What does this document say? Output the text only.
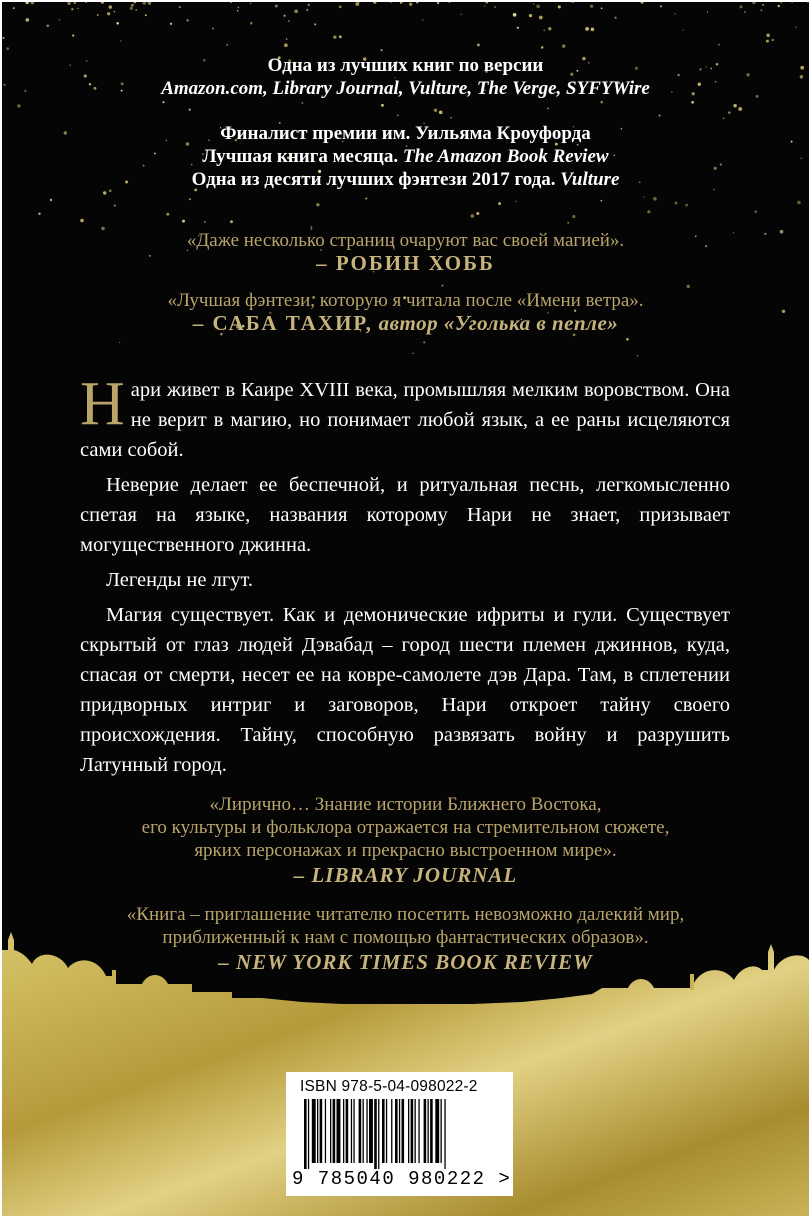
Одна из лучших книг по версии

Amazon.com, Library Journal, Vulture, The Verge, SYFYWire

Финалист премии им. Уильяма Кроуфорда

Лучшая книга месяца. The Amazon Book Review

Одна из десяти лучших фэнтези 2017 года. Vulture

«Даже несколько страниц очаруют вас своей магией».

– РОБИН ХОББ

«Лучшая фэнтези, которую я читала после «Имени ветра».

– САБА ТАХИР, автор «Уголька в пепле»

Нари живет в Каире XVIII века, промышляя мелким воровством. Она не верит в магию, но понимает любой язык, а ее раны исцеляются сами собой.

Неверие делает ее беспечной, и ритуальная песнь, легкомысленно спетая на языке, названия которому Нари не знает, призывает могущественного джинна.

Легенды не лгут.

Магия существует. Как и демонические ифриты и гули. Существует скрытый от глаз людей Дэвабад – город шести племен джиннов, куда, спасая от смерти, несет ее на ковре-самолете дэв Дара. Там, в сплетении придворных интриг и заговоров, Нари откроет тайну своего происхождения. Тайну, способную развязать войну и разрушить Латунный город.

«Лирично… Знание истории Ближнего Востока,

его культуры и фольклора отражается на стремительном сюжете,

ярких персонажах и прекрасно выстроенном мире».

– LIBRARY JOURNAL

«Книга – приглашение читателю посетить невозможно далекий мир,

приближенный к нам с помощью фантастических образов».

– NEW YORK TIMES BOOK REVIEW

ISBN 978-5-04-098022-2
9 785040 980222 >
